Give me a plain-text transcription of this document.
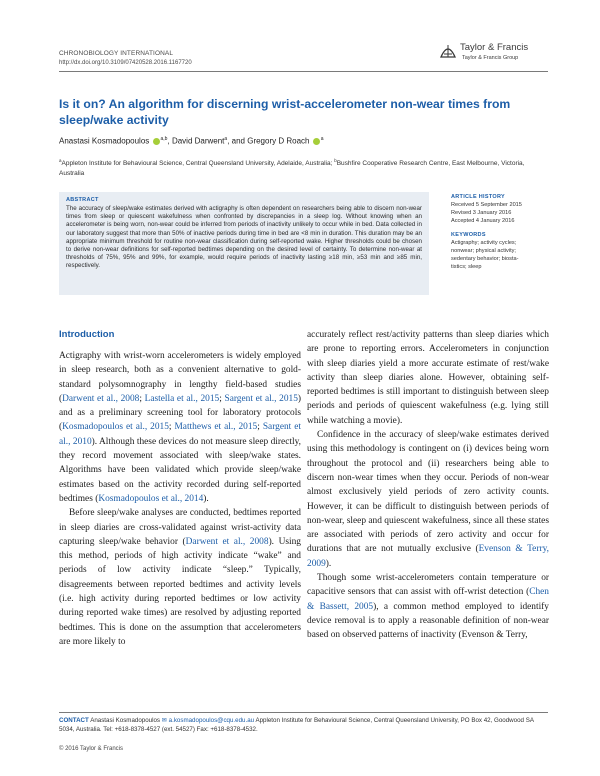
CHRONOBIOLOGY INTERNATIONAL
http://dx.doi.org/10.3109/07420528.2016.1167720
Taylor & Francis
Taylor & Francis Group
Is it on? An algorithm for discerning wrist-accelerometer non-wear times from sleep/wake activity
Anastasi Kosmadopoulos $^{a,b}$, David Darwent$^a$, and Gregory D Roach $^a$
$^a$Appleton Institute for Behavioural Science, Central Queensland University, Adelaide, Australia; $^b$Bushfire Cooperative Research Centre, East Melbourne, Victoria, Australia
ABSTRACT
The accuracy of sleep/wake estimates derived with actigraphy is often dependent on researchers being able to discern non-wear times from sleep or quiescent wakefulness when confronted by discrepancies in a sleep log. Without knowing when an accelerometer is being worn, non-wear could be inferred from periods of inactivity unlikely to occur while in bed. Data collected in our laboratory suggest that more than 50% of inactive periods during time in bed are <8 min in duration. This duration may be an appropriate minimum threshold for routine non-wear classification during self-reported wake. Higher thresholds could be chosen to derive non-wear definitions for self-reported bedtimes depending on the desired level of certainty. To determine non-wear at thresholds of 75%, 95% and 99%, for example, would require periods of inactivity lasting ≥18 min, ≥53 min and ≥85 min, respectively.
ARTICLE HISTORY
Received 5 September 2015
Revised 3 January 2016
Accepted 4 January 2016
KEYWORDS
Actigraphy; activity cycles;
nonwear; physical activity;
sedentary behavior; biosta-
tistics; sleep
Introduction

Actigraphy with wrist-worn accelerometers is widely employed in sleep research, both as a convenient alternative to gold-standard polysomnography in lengthy field-based studies (Darwent et al., 2008; Lastella et al., 2015; Sargent et al., 2015) and as a preliminary screening tool for laboratory protocols (Kosmadopoulos et al., 2015; Matthews et al., 2015; Sargent et al., 2010). Although these devices do not measure sleep directly, they record movement associated with sleep/wake states. Algorithms have been validated which provide sleep/wake estimates based on the activity recorded during self-reported bedtimes (Kosmadopoulos et al., 2014).

Before sleep/wake analyses are conducted, bedtimes reported in sleep diaries are cross-validated against wrist-activity data capturing sleep/wake behavior (Darwent et al., 2008). Using this method, periods of high activity indicate “wake” and periods of low activity indicate “sleep.” Typically, disagreements between reported bedtimes and activity levels (i.e. high activity during reported bedtimes or low activity during reported wake times) are resolved by adjusting reported bedtimes. This is done on the assumption that accelerometers are more likely to

accurately reflect rest/activity patterns than sleep diaries which are prone to reporting errors. Accelerometers in conjunction with sleep diaries yield a more accurate estimate of rest/wake activity than sleep diaries alone. However, obtaining self-reported bedtimes is still important to distinguish between sleep periods and periods of quiescent wakefulness (e.g. lying still while watching a movie).

Confidence in the accuracy of sleep/wake estimates derived using this methodology is contingent on (i) devices being worn throughout the protocol and (ii) researchers being able to discern non-wear times when they occur. Periods of non-wear almost exclusively yield periods of zero activity counts. However, it can be difficult to distinguish between periods of non-wear, sleep and quiescent wakefulness, since all these states are associated with periods of zero activity and occur for durations that are not mutually exclusive (Evenson & Terry, 2009).

Though some wrist-accelerometers contain temperature or capacitive sensors that can assist with off-wrist detection (Chen & Bassett, 2005), a common method employed to identify device removal is to apply a reasonable definition of non-wear based on observed patterns of inactivity (Evenson & Terry,

CONTACT Anastasi Kosmadopoulos ✉ a.kosmadopoulos@cqu.edu.au Appleton Institute for Behavioural Science, Central Queensland University, PO Box 42, Goodwood SA 5034, Australia. Tel: +618-8378-4527 (ext. 54527) Fax: +618-8378-4532.
© 2016 Taylor & Francis
